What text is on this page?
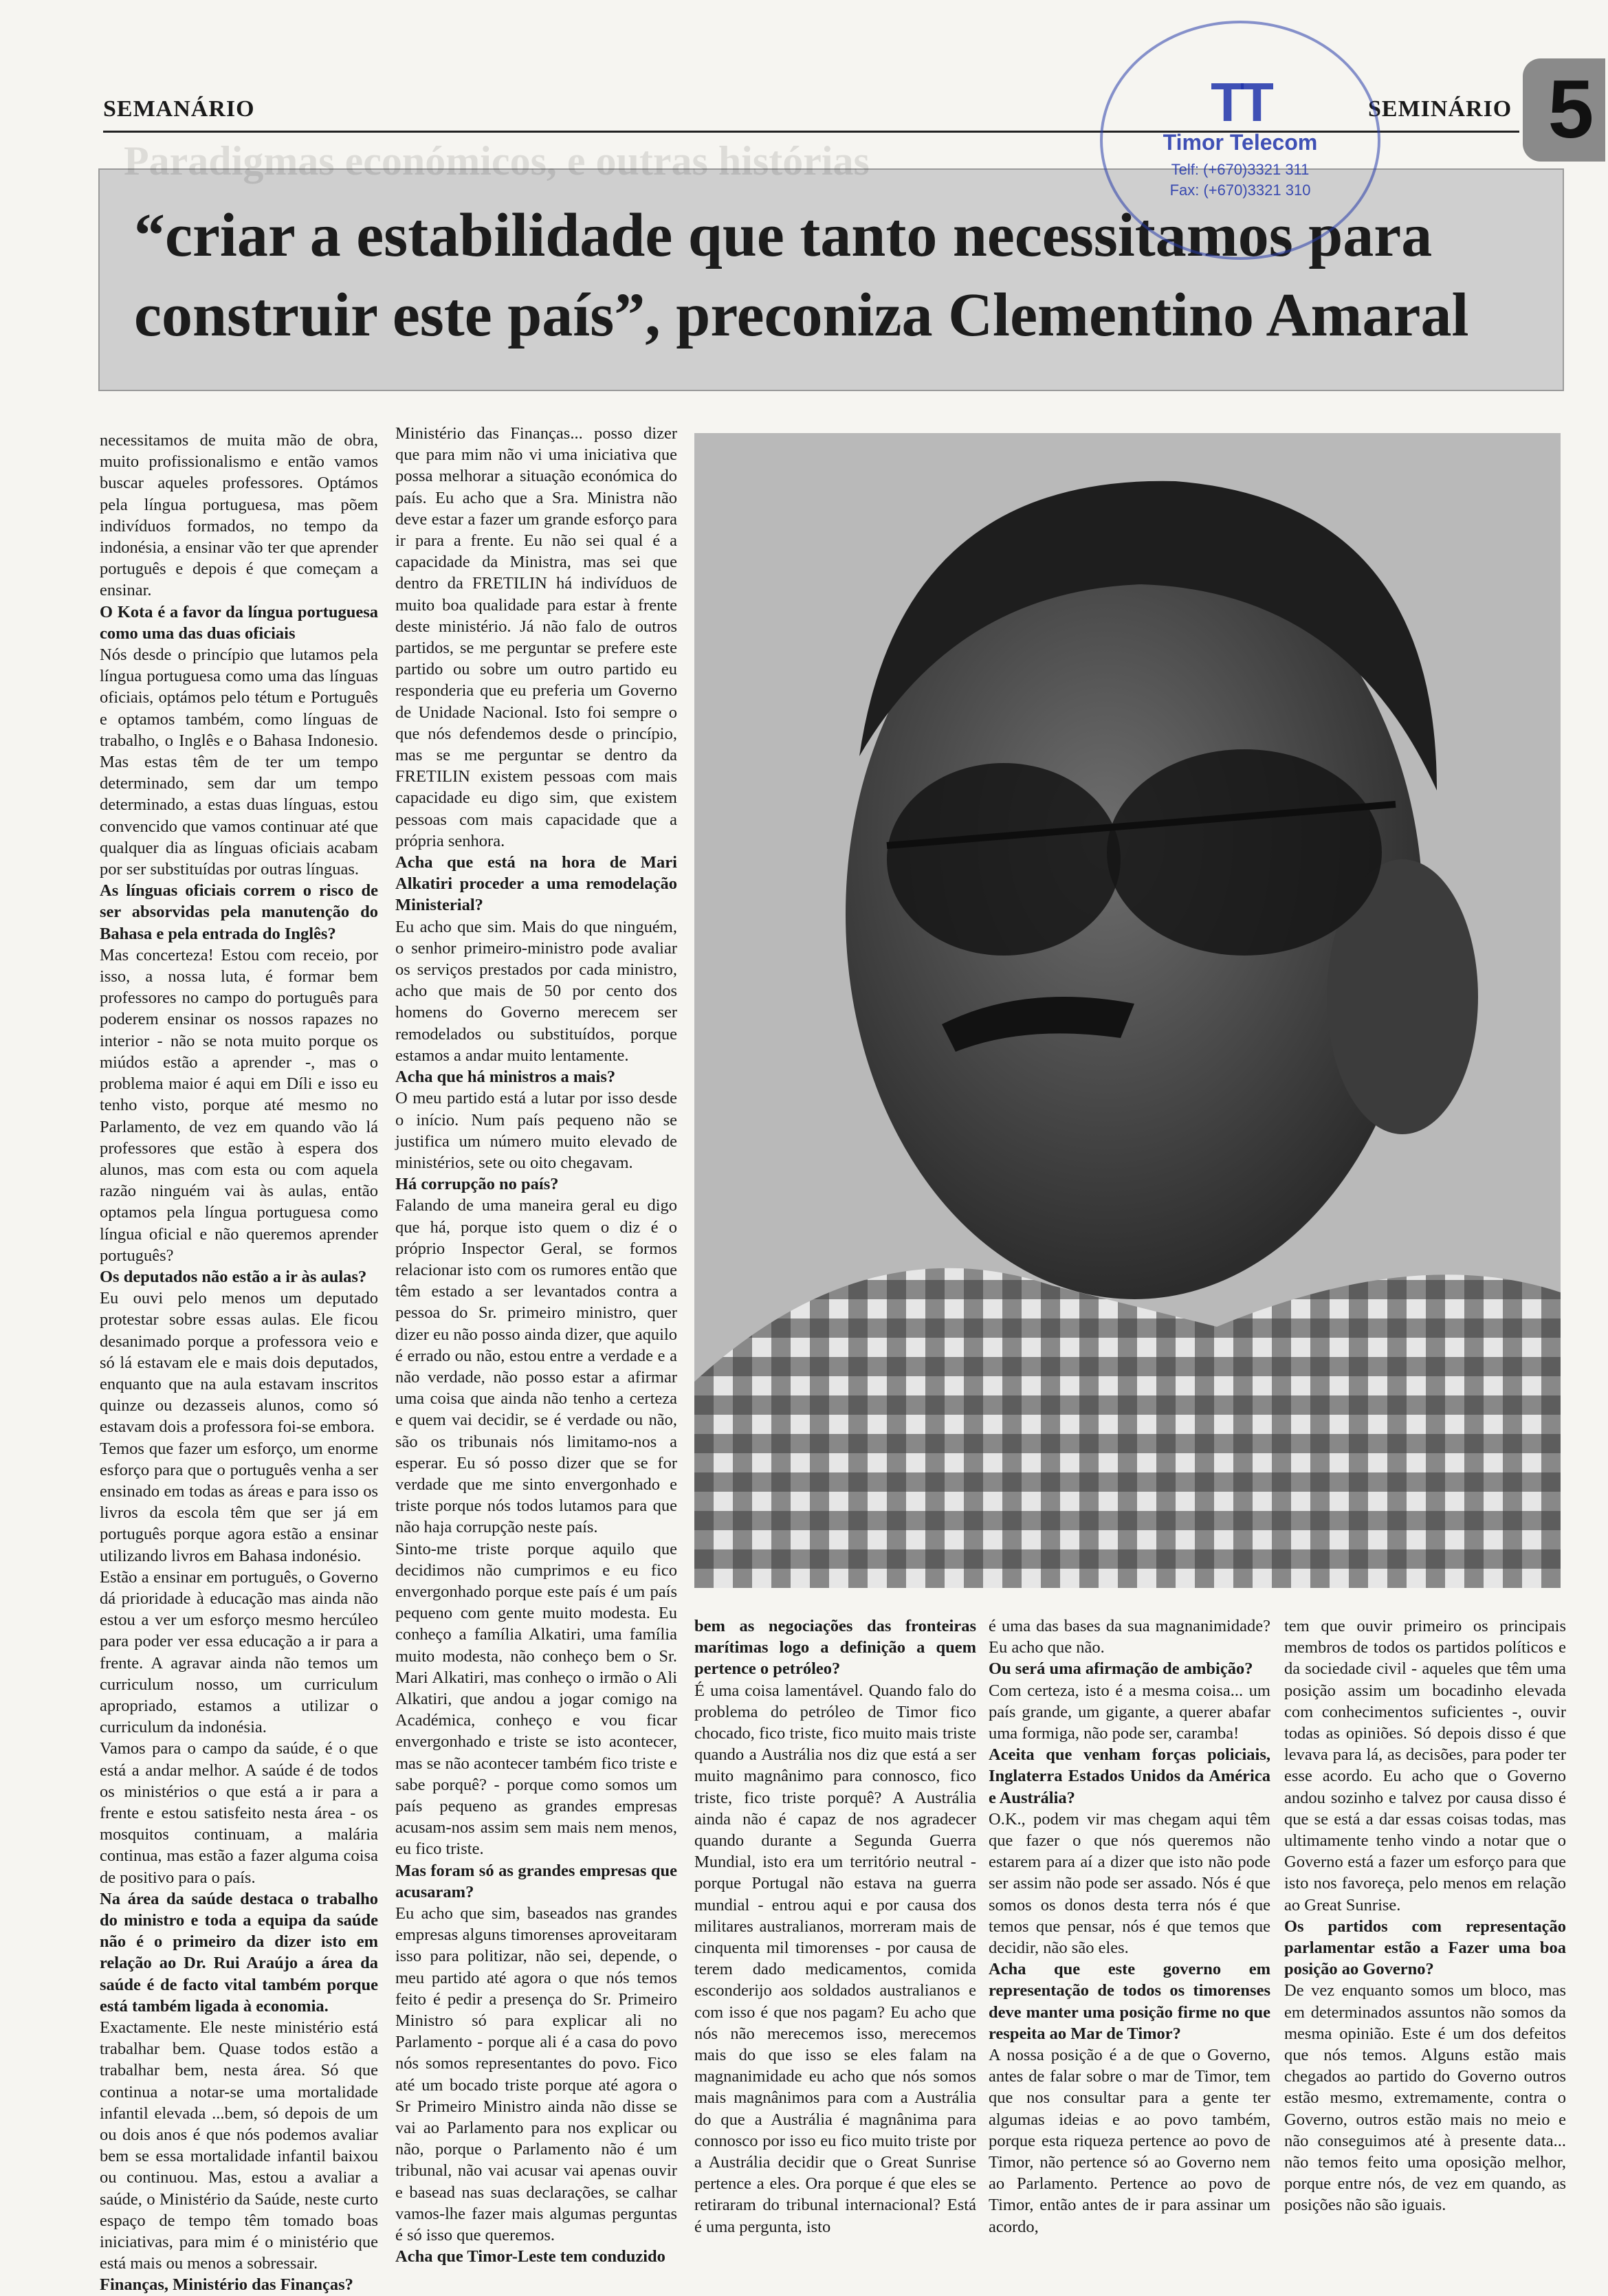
5
SEMANÁRIO	SEMINÁRIO
Paradigmas económicos, e outras histórias
“criar a estabilidade que tanto necessitamos para construir este país”, preconiza Clementino Amaral
TT
Timor Telecom
Telf: (+670)3321 311
Fax: (+670)3321 310

necessitamos de muita mão de obra, muito profissionalismo e então vamos buscar aqueles professores. Optámos pela língua portuguesa, mas põem indivíduos formados, no tempo da indonésia, a ensinar vão ter que aprender português e depois é que começam a ensinar.

O Kota é a favor da língua portuguesa como uma das duas oficiais

Nós desde o princípio que lutamos pela língua portuguesa como uma das línguas oficiais, optámos pelo tétum e Português e optamos também, como línguas de trabalho, o Inglês e o Bahasa Indonesio. Mas estas têm de ter um tempo determinado, sem dar um tempo determinado, a estas duas línguas, estou convencido que vamos continuar até que qualquer dia as línguas oficiais acabam por ser substituídas por outras línguas.

As línguas oficiais correm o risco de ser absorvidas pela manutenção do Bahasa e pela entrada do Inglês?

Mas concerteza! Estou com receio, por isso, a nossa luta, é formar bem professores no campo do português para poderem ensinar os nossos rapazes no interior - não se nota muito porque os miúdos estão a aprender -, mas o problema maior é aqui em Díli e isso eu tenho visto, porque até mesmo no Parlamento, de vez em quando vão lá professores que estão à espera dos alunos, mas com esta ou com aquela razão ninguém vai às aulas, então optamos pela língua portuguesa como língua oficial e não queremos aprender português?

Os deputados não estão a ir às aulas?

Eu ouvi pelo menos um deputado protestar sobre essas aulas. Ele ficou desanimado porque a professora veio e só lá estavam ele e mais dois deputados, enquanto que na aula estavam inscritos quinze ou dezasseis alunos, como só estavam dois a professora foi-se embora.

Temos que fazer um esforço, um enorme esforço para que o português venha a ser ensinado em todas as áreas e para isso os livros da escola têm que ser já em português porque agora estão a ensinar utilizando livros em Bahasa indonésio.

Estão a ensinar em português, o Governo dá prioridade à educação mas ainda não estou a ver um esforço mesmo hercúleo para poder ver essa educação a ir para a frente. A agravar ainda não temos um curriculum nosso, um curriculum apropriado, estamos a utilizar o curriculum da indonésia.

Vamos para o campo da saúde, é o que está a andar melhor. A saúde é de todos os ministérios o que está a ir para a frente e estou satisfeito nesta área - os mosquitos continuam, a malária continua, mas estão a fazer alguma coisa de positivo para o país.

Na área da saúde destaca o trabalho do ministro e toda a equipa da saúde não é o primeiro da dizer isto em relação ao Dr. Rui Araújo a área da saúde é de facto vital também porque está também ligada à economia.

Exactamente. Ele neste ministério está trabalhar bem. Quase todos estão a trabalhar bem, nesta área. Só que continua a notar-se uma mortalidade infantil elevada ...bem, só depois de um ou dois anos é que nós podemos avaliar bem se essa mortalidade infantil baixou ou continuou. Mas, estou a avaliar a saúde, o Ministério da Saúde, neste curto espaço de tempo têm tomado boas iniciativas, para mim é o ministério que está mais ou menos a sobressair.

Finanças, Ministério das Finanças?

Ministério das Finanças... posso dizer que para mim não vi uma iniciativa que possa melhorar a situação económica do país. Eu acho que a Sra. Ministra não deve estar a fazer um grande esforço para ir para a frente. Eu não sei qual é a capacidade da Ministra, mas sei que dentro da FRETILIN há indivíduos de muito boa qualidade para estar à frente deste ministério. Já não falo de outros partidos, se me perguntar se prefere este partido ou sobre um outro partido eu responderia que eu preferia um Governo de Unidade Nacional. Isto foi sempre o que nós defendemos desde o princípio, mas se me perguntar se dentro da FRETILIN existem pessoas com mais capacidade eu digo sim, que existem pessoas com mais capacidade que a própria senhora.

Acha que está na hora de Mari Alkatiri proceder a uma remodelação Ministerial?

Eu acho que sim. Mais do que ninguém, o senhor primeiro-ministro pode avaliar os serviços prestados por cada ministro, acho que mais de 50 por cento dos homens do Governo merecem ser remodelados ou substituídos, porque estamos a andar muito lentamente.

Acha que há ministros a mais?

O meu partido está a lutar por isso desde o início. Num país pequeno não se justifica um número muito elevado de ministérios, sete ou oito chegavam.

Há corrupção no país?

Falando de uma maneira geral eu digo que há, porque isto quem o diz é o próprio Inspector Geral, se formos relacionar isto com os rumores então que têm estado a ser levantados contra a pessoa do Sr. primeiro ministro, quer dizer eu não posso ainda dizer, que aquilo é errado ou não, estou entre a verdade e a não verdade, não posso estar a afirmar uma coisa que ainda não tenho a certeza e quem vai decidir, se é verdade ou não, são os tribunais nós limitamo-nos a esperar. Eu só posso dizer que se for verdade que me sinto envergonhado e triste porque nós todos lutamos para que não haja corrupção neste país.

Sinto-me triste porque aquilo que decidimos não cumprimos e eu fico envergonhado porque este país é um país pequeno com gente muito modesta. Eu conheço a família Alkatiri, uma família muito modesta, não conheço bem o Sr. Mari Alkatiri, mas conheço o irmão o Ali Alkatiri, que andou a jogar comigo na Académica, conheço e vou ficar envergonhado e triste se isto acontecer, mas se não acontecer também fico triste e sabe porquê? - porque como somos um país pequeno as grandes empresas acusam-nos assim sem mais nem menos, eu fico triste.

Mas foram só as grandes empresas que acusaram?

Eu acho que sim, baseados nas grandes empresas alguns timorenses aproveitaram isso para politizar, não sei, depende, o meu partido até agora o que nós temos feito é pedir a presença do Sr. Primeiro Ministro só para explicar ali no Parlamento - porque ali é a casa do povo nós somos representantes do povo. Fico até um bocado triste porque até agora o Sr Primeiro Ministro ainda não disse se vai ao Parlamento para nos explicar ou não, porque o Parlamento não é um tribunal, não vai acusar vai apenas ouvir e basead nas suas declarações, se calhar vamos-lhe fazer mais algumas perguntas é só isso que queremos.

Acha que Timor-Leste tem conduzido

bem as negociações das fronteiras marítimas logo a definição a quem pertence o petróleo?

É uma coisa lamentável. Quando falo do problema do petróleo de Timor fico chocado, fico triste, fico muito mais triste quando a Austrália nos diz que está a ser muito magnânimo para connosco, fico triste, fico triste porquê? A Austrália ainda não é capaz de nos agradecer quando durante a Segunda Guerra Mundial, isto era um território neutral - porque Portugal não estava na guerra mundial - entrou aqui e por causa dos militares australianos, morreram mais de cinquenta mil timorenses - por causa de terem dado medicamentos, comida esconderijo aos soldados australianos e com isso é que nos pagam? Eu acho que nós não merecemos isso, merecemos mais do que isso se eles falam na magnanimidade eu acho que nós somos mais magnânimos para com a Austrália do que a Austrália é magnânima para connosco por isso eu fico muito triste por a Austrália decidir que o Great Sunrise pertence a eles. Ora porque é que eles se retiraram do tribunal internacional? Está é uma pergunta, isto

é uma das bases da sua magnanimidade? Eu acho que não.

Ou será uma afirmação de ambição?

Com certeza, isto é a mesma coisa... um país grande, um gigante, a querer abafar uma formiga, não pode ser, caramba!

Aceita que venham forças policiais, Inglaterra Estados Unidos da América e Austrália?

O.K., podem vir mas chegam aqui têm que fazer o que nós queremos não estarem para aí a dizer que isto não pode ser assim não pode ser assado. Nós é que somos os donos desta terra nós é que temos que pensar, nós é que temos que decidir, não são eles.

Acha que este governo em representação de todos os timorenses deve manter uma posição firme no que respeita ao Mar de Timor?

A nossa posição é a de que o Governo, antes de falar sobre o mar de Timor, tem que nos consultar para a gente ter algumas ideias e ao povo também, porque esta riqueza pertence ao povo de Timor, não pertence só ao Governo nem ao Parlamento. Pertence ao povo de Timor, então antes de ir para assinar um acordo,

tem que ouvir primeiro os principais membros de todos os partidos políticos e da sociedade civil - aqueles que têm uma posição assim um bocadinho elevada com conhecimentos suficientes -, ouvir todas as opiniões. Só depois disso é que levava para lá, as decisões, para poder ter esse acordo. Eu acho que o Governo andou sozinho e talvez por causa disso é que se está a dar essas coisas todas, mas ultimamente tenho vindo a notar que o Governo está a fazer um esforço para que isto nos favoreça, pelo menos em relação ao Great Sunrise.

Os partidos com representação parlamentar estão a Fazer uma boa posição ao Governo?

De vez enquanto somos um bloco, mas em determinados assuntos não somos da mesma opinião. Este é um dos defeitos que nós temos. Alguns estão mais chegados ao partido do Governo outros estão mesmo, extremamente, contra o Governo, outros estão mais no meio e não conseguimos até à presente data... não temos feito uma oposição melhor, porque entre nós, de vez em quando, as posições não são iguais.
